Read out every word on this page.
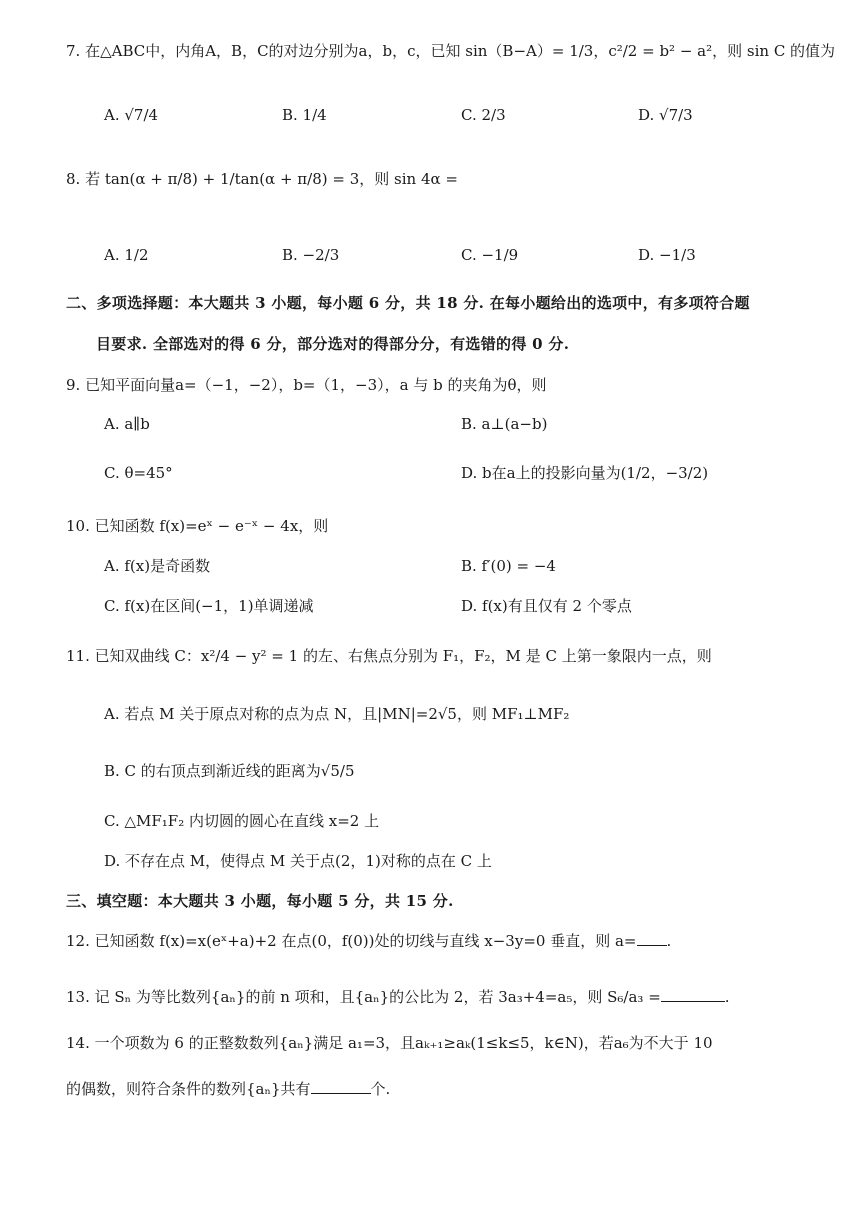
7. 在△ABC中，内角A，B，C的对边分别为a，b，c，已知 sin（B−A）= 1/3，c²/2 = b² − a²，则 sin C 的值为
A. √7/4	B. 1/4	C. 2/3	D. √7/3
8. 若 tan(α + π/8) + 1/tan(α + π/8) = 3，则 sin 4α =
A. 1/2	B. −2/3	C. −1/9	D. −1/3
二、多项选择题：本大题共 3 小题，每小题 6 分，共 18 分. 在每小题给出的选项中，有多项符合题
目要求. 全部选对的得 6 分，部分选对的得部分分，有选错的得 0 分.
9. 已知平面向量a=（−1，−2），b=（1，−3），a 与 b 的夹角为θ，则
A. a∥b	B. a⊥(a−b)
C. θ=45°	D. b在a上的投影向量为(1/2，−3/2)
10. 已知函数 f(x)=eˣ − e⁻ˣ − 4x，则
A. f(x)是奇函数	B. f′(0) = −4
C. f(x)在区间(−1，1)单调递减	D. f(x)有且仅有 2 个零点
11. 已知双曲线 C：x²/4 − y² = 1 的左、右焦点分别为 F₁，F₂，M 是 C 上第一象限内一点，则
A. 若点 M 关于原点对称的点为点 N，且|MN|=2√5，则 MF₁⊥MF₂
B. C 的右顶点到渐近线的距离为√5/5
C. △MF₁F₂ 内切圆的圆心在直线 x=2 上
D. 不存在点 M，使得点 M 关于点(2，1)对称的点在 C 上
三、填空题：本大题共 3 小题，每小题 5 分，共 15 分.
12. 已知函数 f(x)=x(eˣ+a)+2 在点(0，f(0))处的切线与直线 x−3y=0 垂直，则 a= .
13. 记 Sₙ 为等比数列{aₙ}的前 n 项和，且{aₙ}的公比为 2，若 3a₃+4=a₅，则 S₆/a₃ =	.
14. 一个项数为 6 的正整数数列{aₙ}满足 a₁=3，且aₖ₊₁≥aₖ(1≤k≤5，k∈N)，若a₆为不大于 10
的偶数，则符合条件的数列{aₙ}共有	个.
